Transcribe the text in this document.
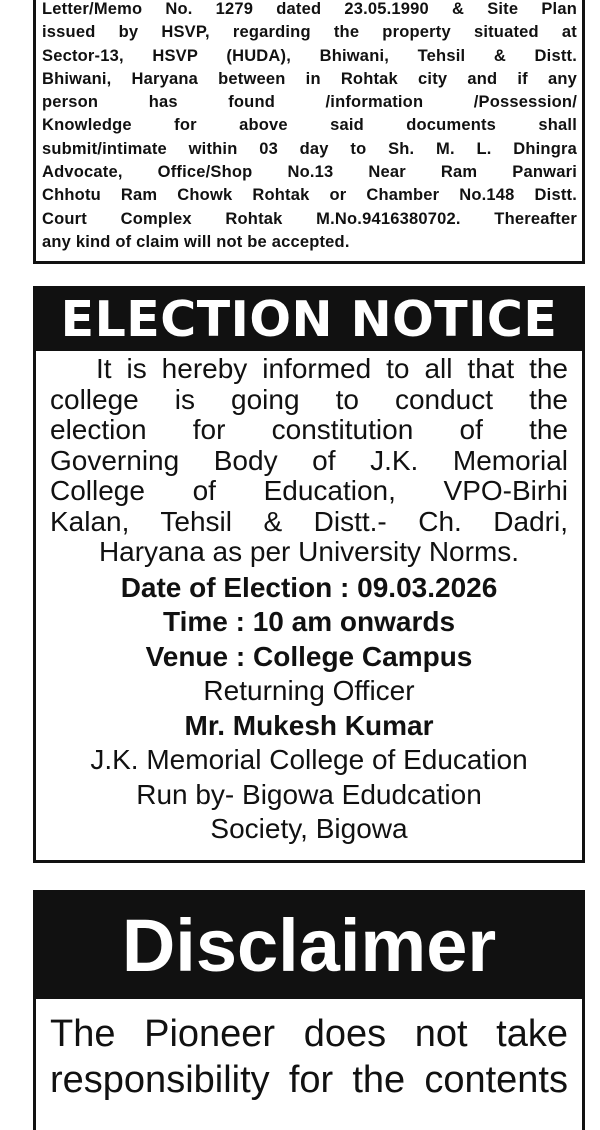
Letter/Memo No. 1279 dated 23.05.1990 & Site Plan
issued by HSVP, regarding the property situated at
Sector-13, HSVP (HUDA), Bhiwani, Tehsil & Distt.
Bhiwani, Haryana between in Rohtak city and if any
person has found /information /Possession/
Knowledge for above said documents shall
submit/intimate within 03 day to Sh. M. L. Dhingra
Advocate, Office/Shop No.13 Near Ram Panwari
Chhotu Ram Chowk Rohtak or Chamber No.148 Distt.
Court Complex Rohtak M.No.9416380702. Thereafter
any kind of claim will not be accepted.
ELECTION NOTICE
It is hereby informed to all that the
college is going to conduct the
election for constitution of the
Governing Body of J.K. Memorial
College of Education, VPO-Birhi
Kalan, Tehsil & Distt.- Ch. Dadri,
Haryana as per University Norms.
Date of Election : 09.03.2026
Time : 10 am onwards
Venue : College Campus
Returning Officer
Mr. Mukesh Kumar
J.K. Memorial College of Education
Run by- Bigowa Edudcation
Society, Bigowa
Disclaimer
The Pioneer does not take
responsibility for the contents
